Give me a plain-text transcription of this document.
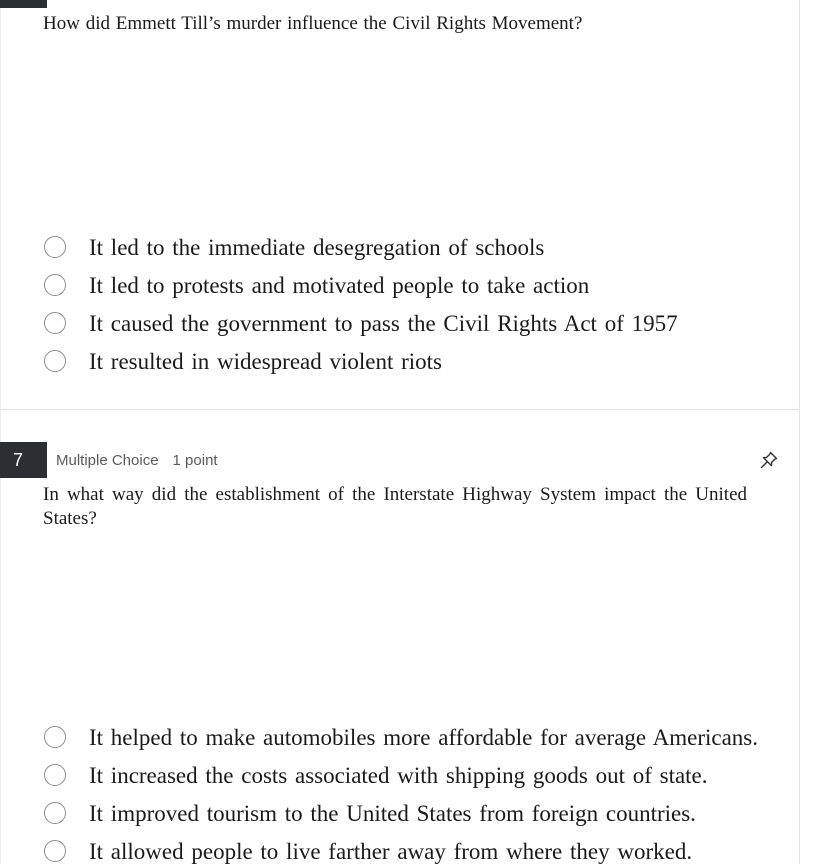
How did Emmett Till’s murder influence the Civil Rights Movement?
It led to the immediate desegregation of schools
It led to protests and motivated people to take action
It caused the government to pass the Civil Rights Act of 1957
It resulted in widespread violent riots
7	Multiple Choice 1 point
In what way did the establishment of the Interstate Highway System impact the United States?
It helped to make automobiles more affordable for average Americans.
It increased the costs associated with shipping goods out of state.
It improved tourism to the United States from foreign countries.
It allowed people to live farther away from where they worked.
